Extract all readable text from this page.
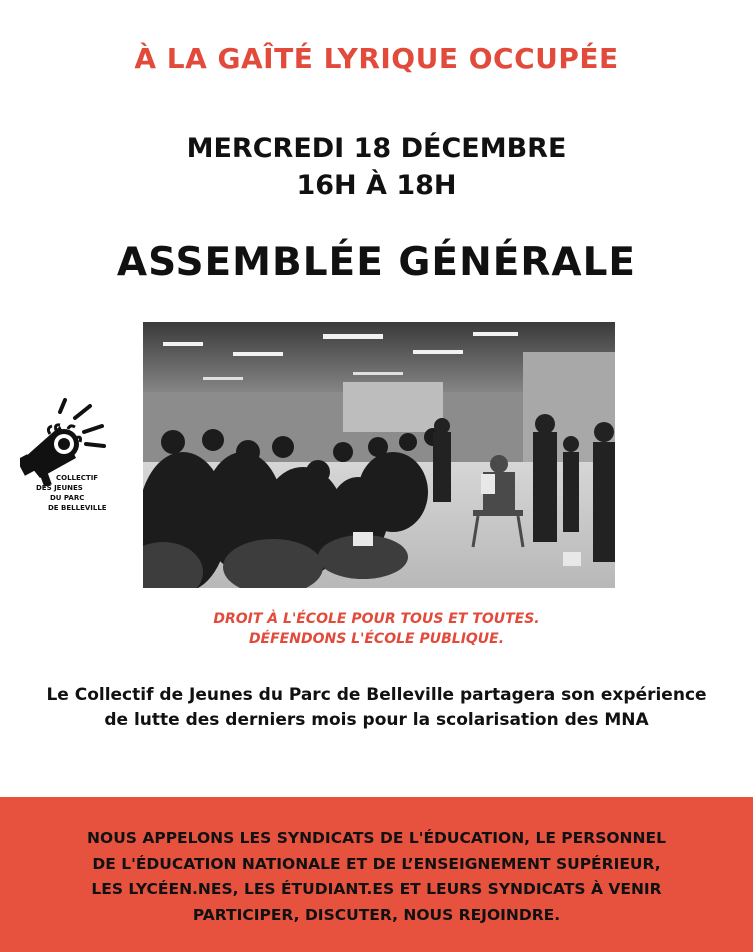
À LA GAÎTÉ LYRIQUE OCCUPÉE
MERCREDI 18 DÉCEMBRE
16H À 18H
ASSEMBLÉE GÉNÉRALE
COLLECTIF
DES JEUNES
DU PARC
DE BELLEVILLE
DROIT À L'ÉCOLE POUR TOUS ET TOUTES.
DÉFENDONS L'ÉCOLE PUBLIQUE.
Le Collectif de Jeunes du Parc de Belleville partagera son expérience
de lutte des derniers mois pour la scolarisation des MNA
NOUS APPELONS LES SYNDICATS DE L'ÉDUCATION, LE PERSONNEL
DE L'ÉDUCATION NATIONALE ET DE L’ENSEIGNEMENT SUPÉRIEUR,
LES LYCÉEN.NES, LES ÉTUDIANT.ES ET LEURS SYNDICATS À VENIR
PARTICIPER, DISCUTER, NOUS REJOINDRE.
